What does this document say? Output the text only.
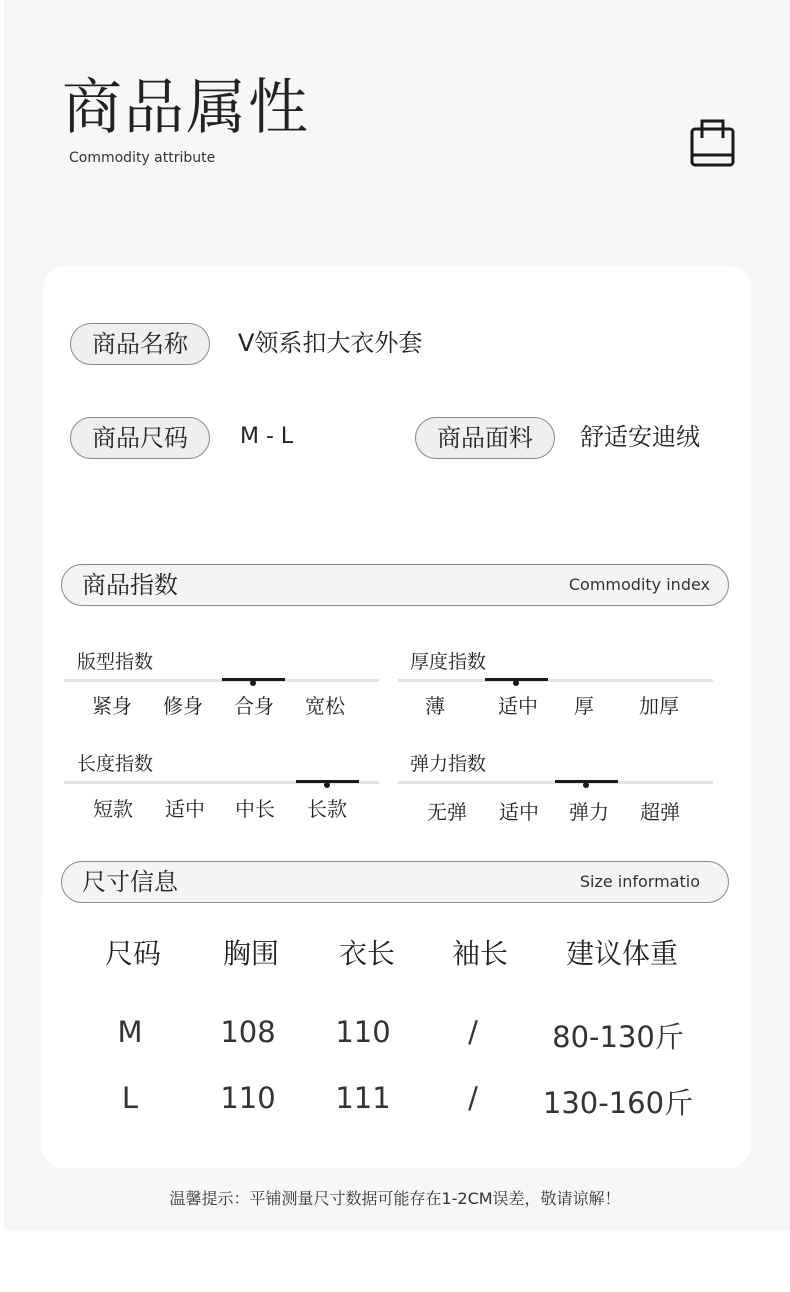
商品属性
Commodity attribute
商品名称	V领系扣大衣外套
商品尺码	M - L	商品面料	舒适安迪绒
商品指数	Commodity index
版型指数
紧身	修身	合身	宽松
厚度指数
薄	适中	厚	加厚
长度指数
短款	适中	中长	长款
弹力指数
无弹	适中	弹力	超弹
尺寸信息	Size informatio
尺码	胸围	衣长	袖长	建议体重
M	108	110	/	80-130斤
L	110	111	/	130-160斤
温馨提示：平铺测量尺寸数据可能存在1-2CM误差，敬请谅解！
